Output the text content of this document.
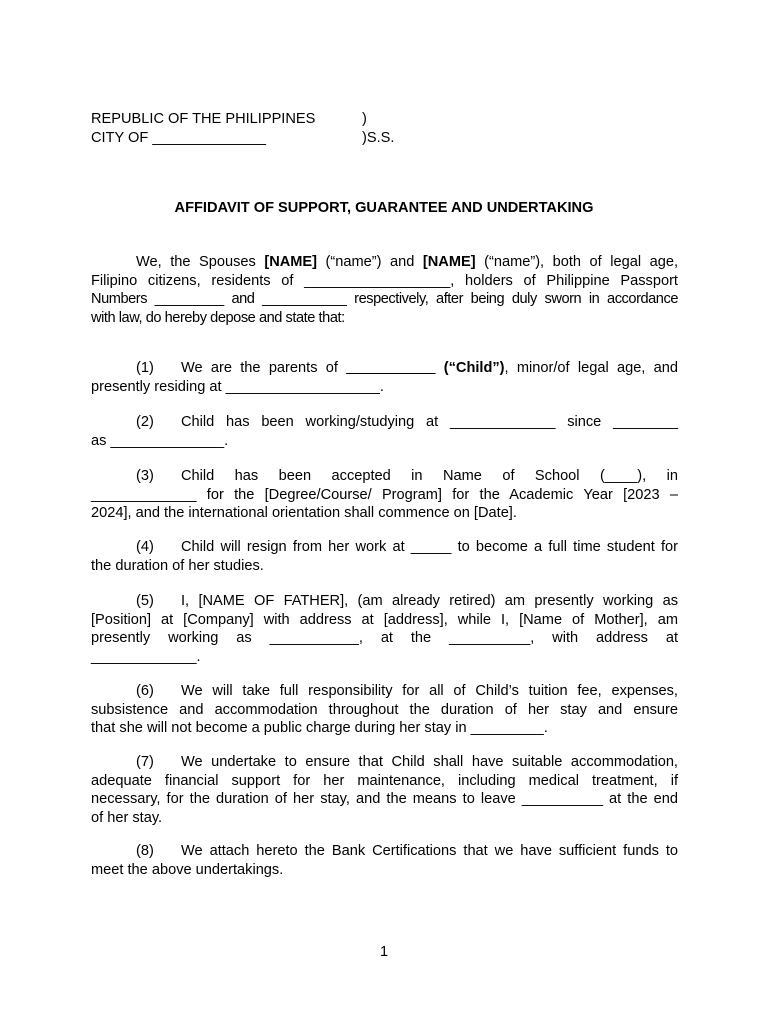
REPUBLIC OF THE PHILIPPINES	)
CITY OF ______________	)S.S.
AFFIDAVIT OF SUPPORT, GUARANTEE AND UNDERTAKING
We, the Spouses [NAME] (“name”) and [NAME] (“name”), both of legal age,
Filipino citizens, residents of __________________, holders of Philippine Passport
Numbers _________ and ___________ respectively, after being duly sworn in accordance
with law, do hereby depose and state that:
(1) We are the parents of ___________ (“Child”), minor/of legal age, and
presently residing at ___________________.
(2) Child has been working/studying at _____________ since ________
as ______________.
(3) Child has been accepted in Name of School (____), in
_____________ for the [Degree/Course/ Program] for the Academic Year [2023 –
2024], and the international orientation shall commence on [Date].
(4) Child will resign from her work at _____ to become a full time student for
the duration of her studies.
(5) I, [NAME OF FATHER], (am already retired) am presently working as
[Position] at [Company] with address at [address], while I, [Name of Mother], am
presently working as ___________, at the __________, with address at
_____________.
(6) We will take full responsibility for all of Child’s tuition fee, expenses,
subsistence and accommodation throughout the duration of her stay and ensure
that she will not become a public charge during her stay in _________.
(7) We undertake to ensure that Child shall have suitable accommodation,
adequate financial support for her maintenance, including medical treatment, if
necessary, for the duration of her stay, and the means to leave __________ at the end
of her stay.
(8) We attach hereto the Bank Certifications that we have sufficient funds to
meet the above undertakings.
1
